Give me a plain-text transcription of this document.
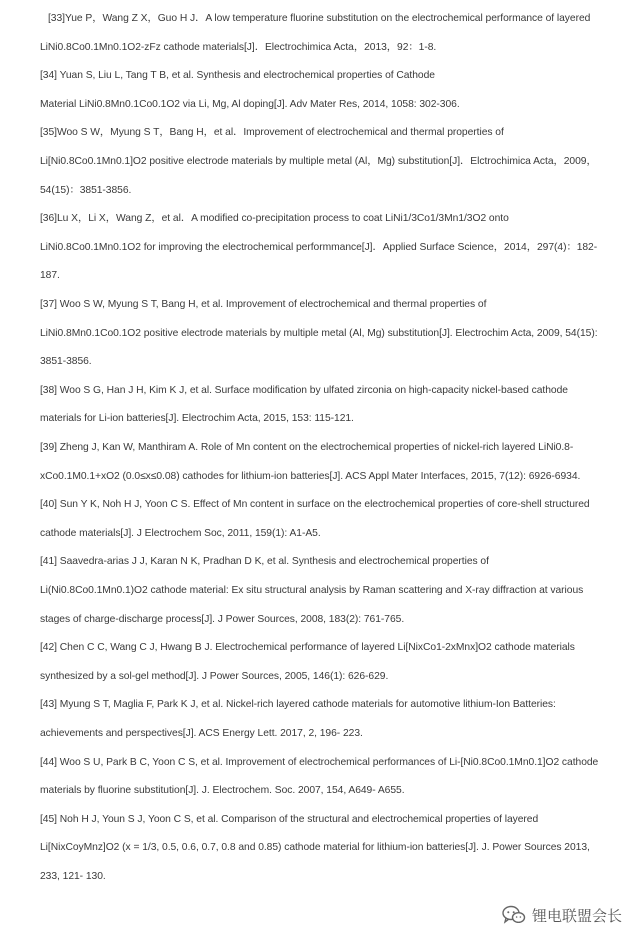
[33]Yue P，Wang Z X，Guo H J．A low temperature fluorine substitution on the electrochemical performance of layered
LiNi0.8Co0.1Mn0.1O2-zFz cathode materials[J]．Electrochimica Acta，2013，92：1-8.
[34] Yuan S, Liu L, Tang T B, et al. Synthesis and electrochemical properties of Cathode
Material LiNi0.8Mn0.1Co0.1O2 via Li, Mg, Al doping[J]. Adv Mater Res, 2014, 1058: 302-306.
[35]Woo S W，Myung S T，Bang H，et al．Improvement of electrochemical and thermal properties of
Li[Ni0.8Co0.1Mn0.1]O2 positive electrode materials by multiple metal (Al，Mg) substitution[J]．Elctrochimica Acta，2009，
54(15)：3851-3856.
[36]Lu X，Li X，Wang Z，et al．A modified co-precipitation process to coat LiNi1/3Co1/3Mn1/3O2 onto
LiNi0.8Co0.1Mn0.1O2 for improving the electrochemical performmance[J]．Applied Surface Science，2014，297(4)：182-
187.
[37] Woo S W, Myung S T, Bang H, et al. Improvement of electrochemical and thermal properties of
LiNi0.8Mn0.1Co0.1O2 positive electrode materials by multiple metal (Al, Mg) substitution[J]. Electrochim Acta, 2009, 54(15):
3851-3856.
[38] Woo S G, Han J H, Kim K J, et al. Surface modification by ulfated zirconia on high-capacity nickel-based cathode
materials for Li-ion batteries[J]. Electrochim Acta, 2015, 153: 115-121.
[39] Zheng J, Kan W, Manthiram A. Role of Mn content on the electrochemical properties of nickel-rich layered LiNi0.8-
xCo0.1M0.1+xO2 (0.0≤x≤0.08) cathodes for lithium-ion batteries[J]. ACS Appl Mater Interfaces, 2015, 7(12): 6926-6934.
[40] Sun Y K, Noh H J, Yoon C S. Effect of Mn content in surface on the electrochemical properties of core-shell structured
cathode materials[J]. J Electrochem Soc, 2011, 159(1): A1-A5.
[41] Saavedra-arias J J, Karan N K, Pradhan D K, et al. Synthesis and electrochemical properties of
Li(Ni0.8Co0.1Mn0.1)O2 cathode material: Ex situ structural analysis by Raman scattering and X-ray diffraction at various
stages of charge-discharge process[J]. J Power Sources, 2008, 183(2): 761-765.
[42] Chen C C, Wang C J, Hwang B J. Electrochemical performance of layered Li[NixCo1-2xMnx]O2 cathode materials
synthesized by a sol-gel method[J]. J Power Sources, 2005, 146(1): 626-629.
[43] Myung S T, Maglia F, Park K J, et al. Nickel-rich layered cathode materials for automotive lithium-Ion Batteries:
achievements and perspectives[J]. ACS Energy Lett. 2017, 2, 196- 223.
[44] Woo S U, Park B C, Yoon C S, et al. Improvement of electrochemical performances of Li-[Ni0.8Co0.1Mn0.1]O2 cathode
materials by fluorine substitution[J]. J. Electrochem. Soc. 2007, 154, A649- A655.
[45] Noh H J, Youn S J, Yoon C S, et al. Comparison of the structural and electrochemical properties of layered
Li[NixCoyMnz]O2 (x = 1/3, 0.5, 0.6, 0.7, 0.8 and 0.85) cathode material for lithium-ion batteries[J]. J. Power Sources 2013,
233, 121- 130.
锂电联盟会长
